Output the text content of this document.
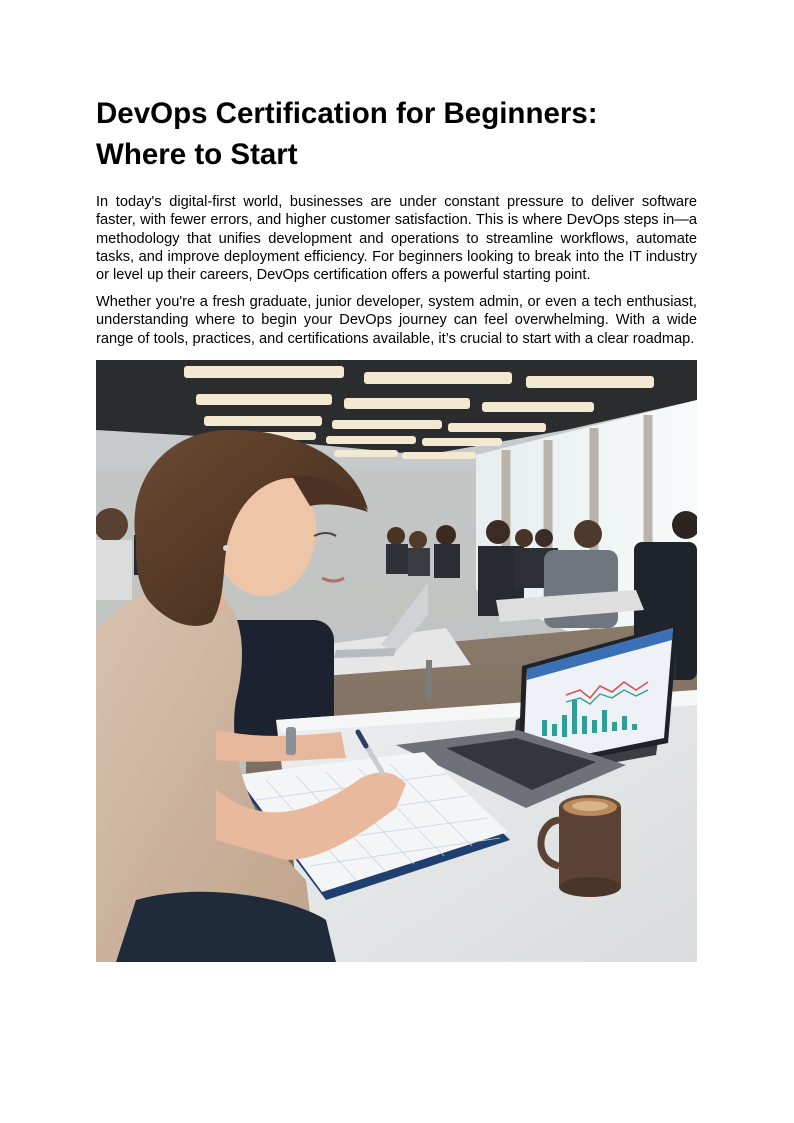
DevOps Certification for Beginners:
Where to Start

In today's digital-first world, businesses are under constant pressure to deliver software faster, with fewer errors, and higher customer satisfaction. This is where DevOps steps in—a methodology that unifies development and operations to streamline workflows, automate tasks, and improve deployment efficiency. For beginners looking to break into the IT industry or level up their careers, DevOps certification offers a powerful starting point.

Whether you're a fresh graduate, junior developer, system admin, or even a tech enthusiast, understanding where to begin your DevOps journey can feel overwhelming. With a wide range of tools, practices, and certifications available, it’s crucial to start with a clear roadmap.
